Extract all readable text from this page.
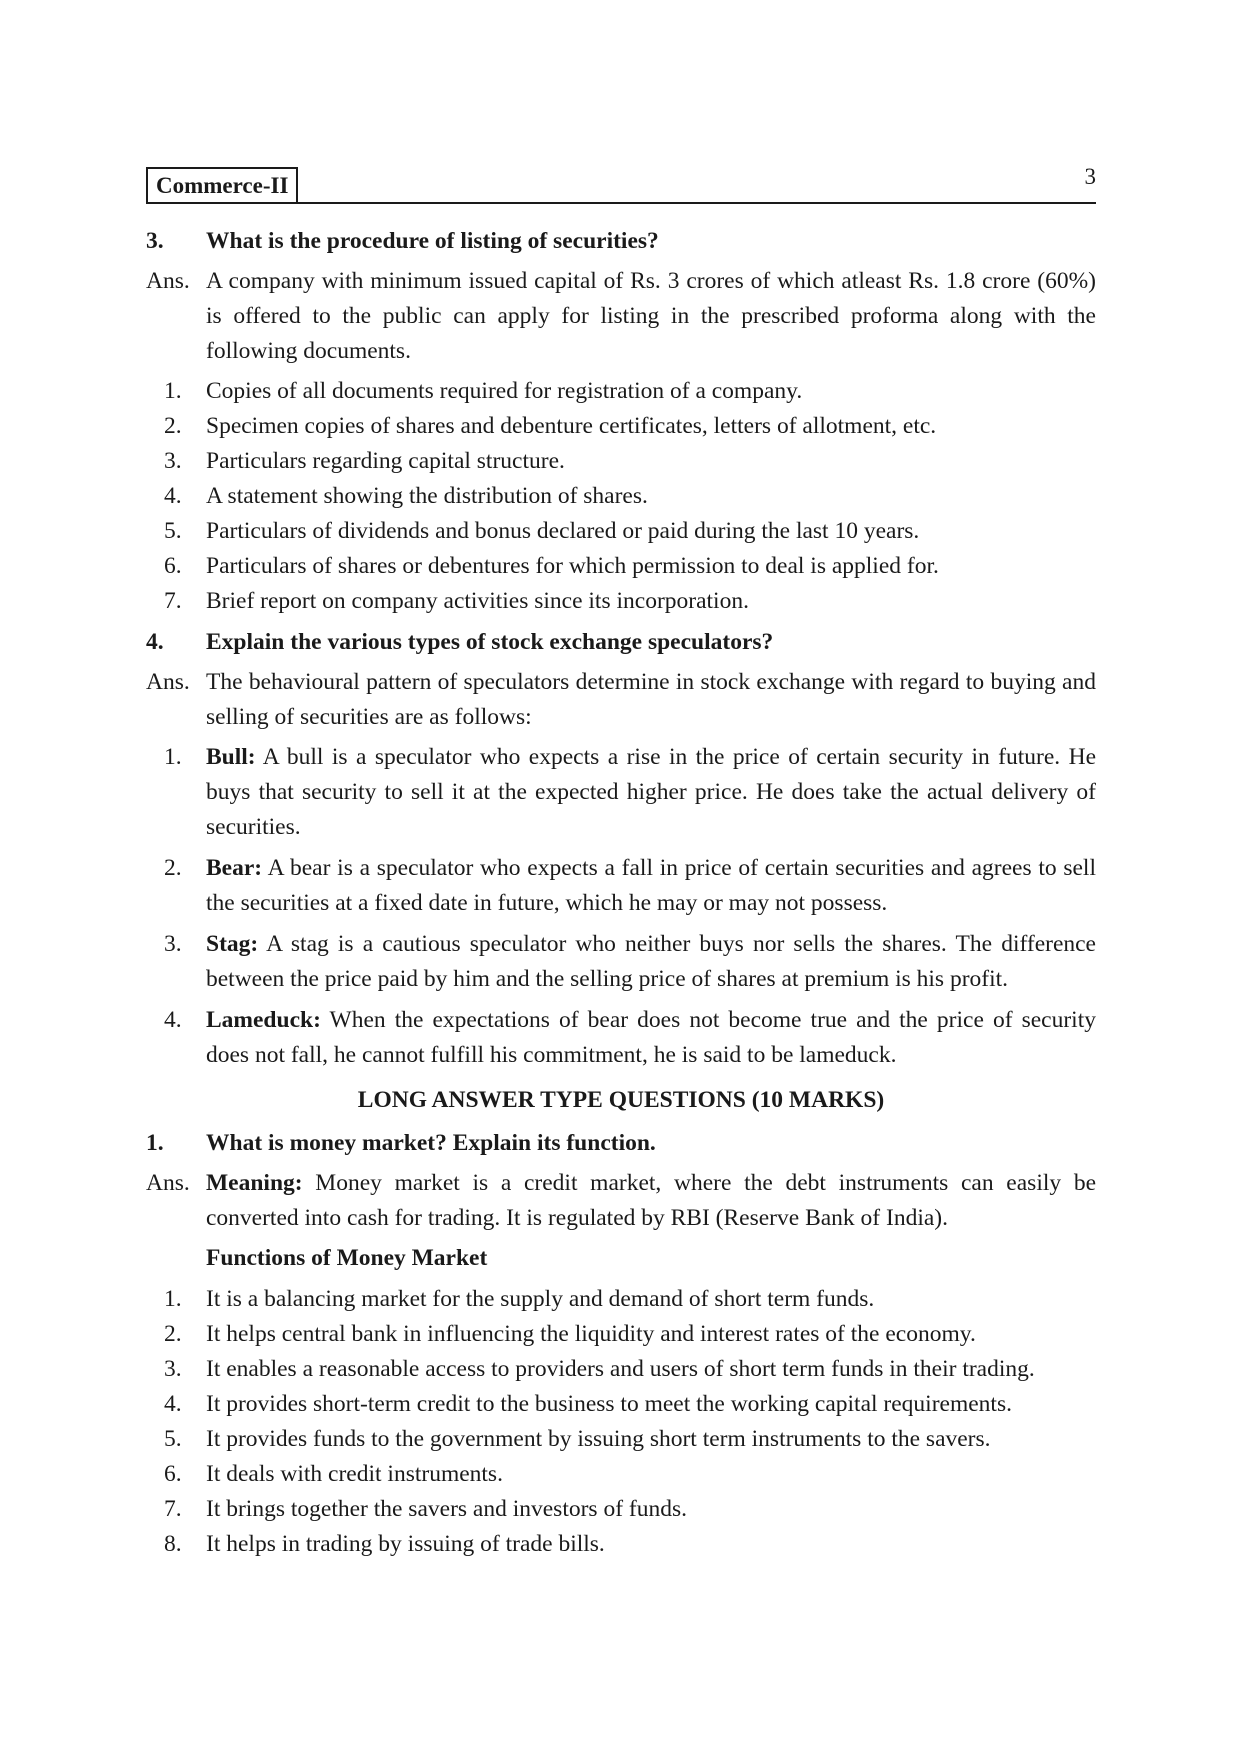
Commerce-II	3
3. What is the procedure of listing of securities?
Ans. A company with minimum issued capital of Rs. 3 crores of which atleast Rs. 1.8 crore (60%) is offered to the public can apply for listing in the prescribed proforma along with the following documents.
1. Copies of all documents required for registration of a company.
2. Specimen copies of shares and debenture certificates, letters of allotment, etc.
3. Particulars regarding capital structure.
4. A statement showing the distribution of shares.
5. Particulars of dividends and bonus declared or paid during the last 10 years.
6. Particulars of shares or debentures for which permission to deal is applied for.
7. Brief report on company activities since its incorporation.
4. Explain the various types of stock exchange speculators?
Ans. The behavioural pattern of speculators determine in stock exchange with regard to buying and selling of securities are as follows:
1. Bull: A bull is a speculator who expects a rise in the price of certain security in future. He buys that security to sell it at the expected higher price. He does take the actual delivery of securities.
2. Bear: A bear is a speculator who expects a fall in price of certain securities and agrees to sell the securities at a fixed date in future, which he may or may not possess.
3. Stag: A stag is a cautious speculator who neither buys nor sells the shares. The difference between the price paid by him and the selling price of shares at premium is his profit.
4. Lameduck: When the expectations of bear does not become true and the price of security does not fall, he cannot fulfill his commitment, he is said to be lameduck.
LONG ANSWER TYPE QUESTIONS (10 MARKS)
1. What is money market? Explain its function.
Ans. Meaning: Money market is a credit market, where the debt instruments can easily be converted into cash for trading. It is regulated by RBI (Reserve Bank of India).
Functions of Money Market
1. It is a balancing market for the supply and demand of short term funds.
2. It helps central bank in influencing the liquidity and interest rates of the economy.
3. It enables a reasonable access to providers and users of short term funds in their trading.
4. It provides short-term credit to the business to meet the working capital requirements.
5. It provides funds to the government by issuing short term instruments to the savers.
6. It deals with credit instruments.
7. It brings together the savers and investors of funds.
8. It helps in trading by issuing of trade bills.
